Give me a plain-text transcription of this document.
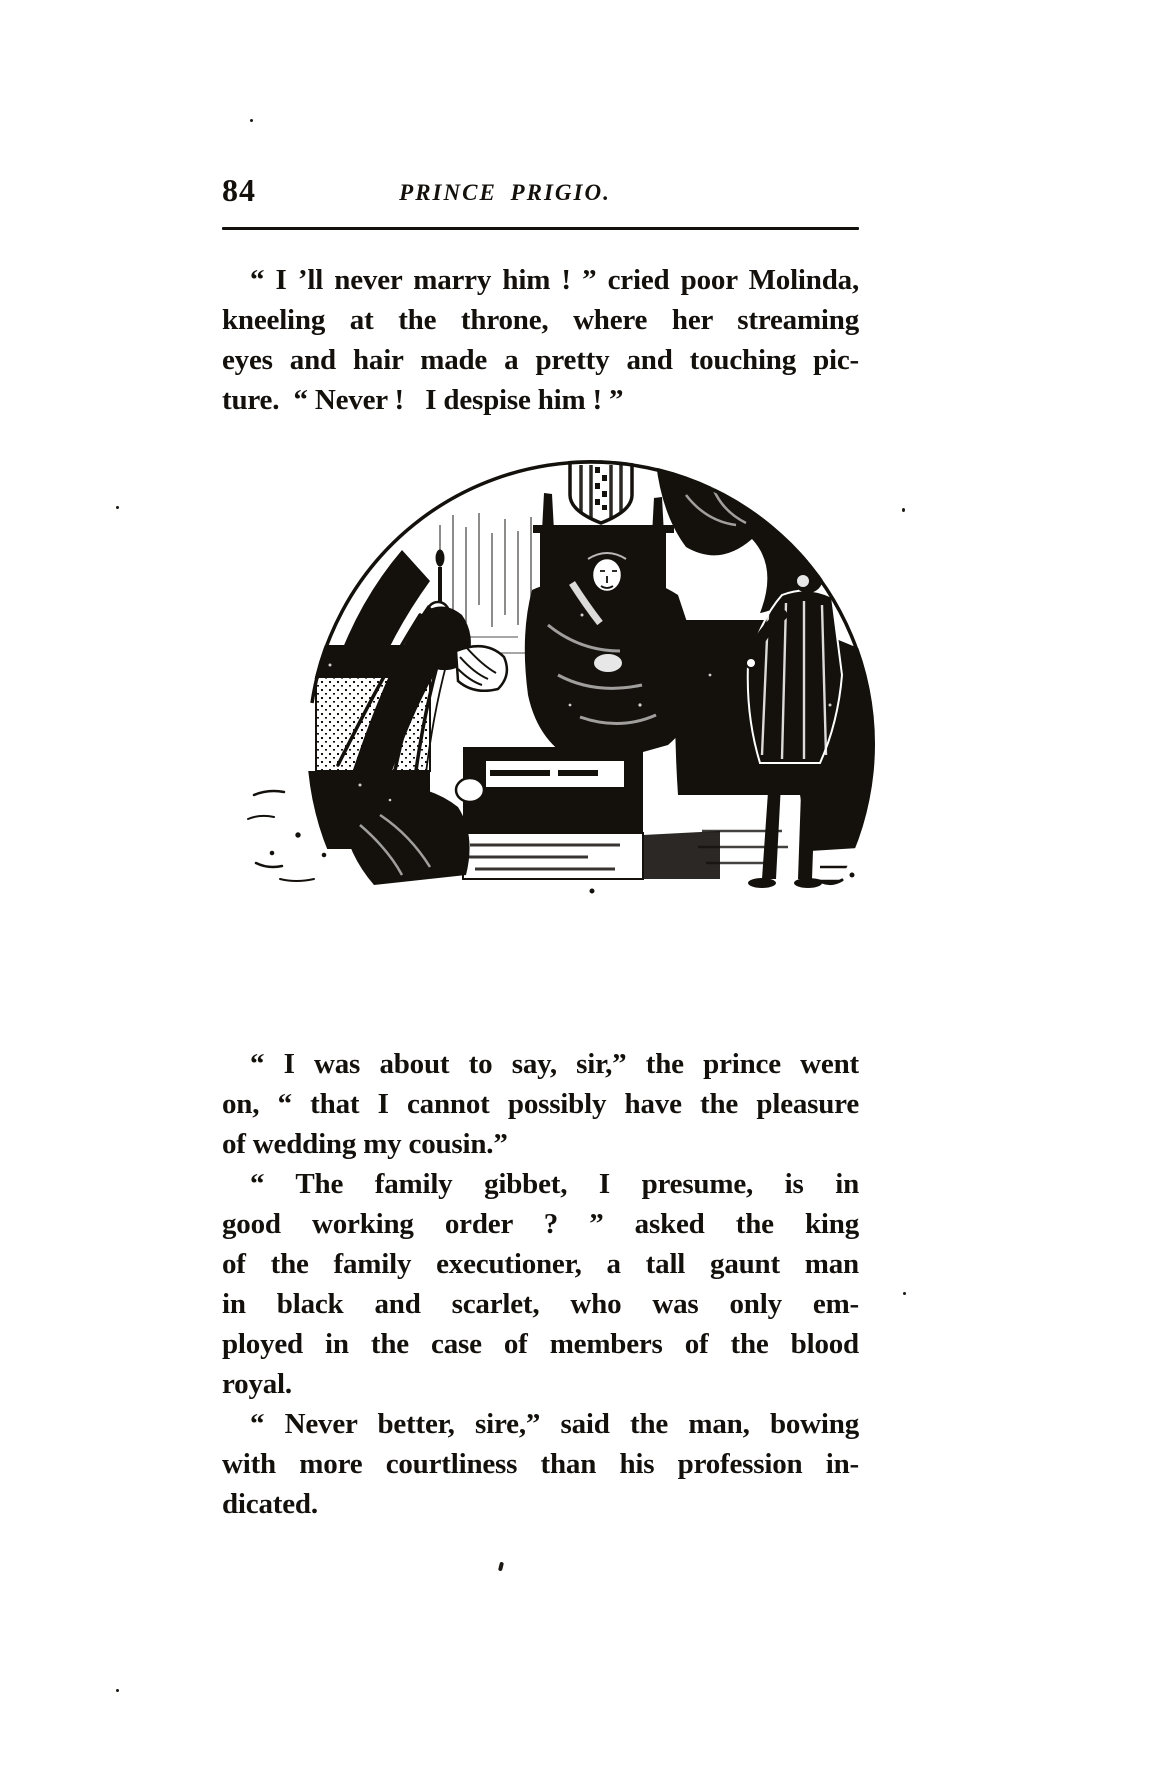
84	PRINCE PRIGIO.
“ I ’ll never marry him ! ” cried poor Molinda,
kneeling at the throne, where her streaming
eyes and hair made a pretty and touching pic-
ture. “ Never !  I despise him ! ”
“ I was about to say, sir,” the prince went
on, “ that I cannot possibly have the pleasure
of wedding my cousin.”
“ The family gibbet, I presume, is in
good working order ? ” asked the king
of the family executioner, a tall gaunt man
in black and scarlet, who was only em-
ployed in the case of members of the blood
royal.
“ Never better, sire,” said the man, bowing
with more courtliness than his profession in-
dicated.
